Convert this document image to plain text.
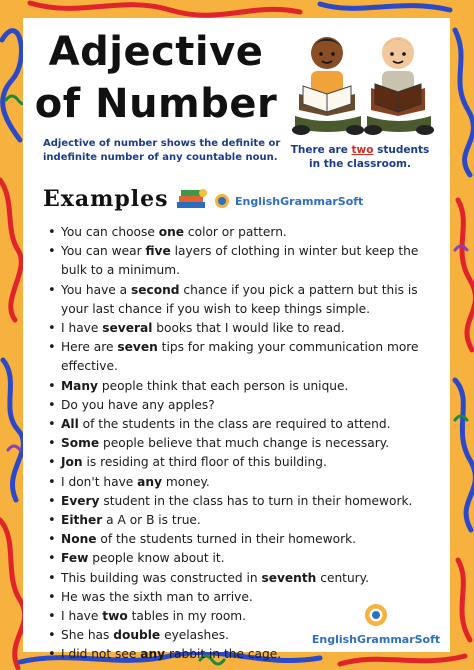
Adjective
of Number
Adjective of number shows the definite or indefinite number of any countable noun.
There are two students in the classroom.
Examples	EnglishGrammarSoft
• You can choose one color or pattern.
• You can wear five layers of clothing in winter but keep the bulk to a minimum.
• You have a second chance if you pick a pattern but this is your last chance if you wish to keep things simple.
• I have several books that I would like to read.
• Here are seven tips for making your communication more effective.
• Many people think that each person is unique.
• Do you have any apples?
• All of the students in the class are required to attend.
• Some people believe that much change is necessary.
• Jon is residing at third floor of this building.
• I don't have any money.
• Every student in the class has to turn in their homework.
• Either a A or B is true.
• None of the students turned in their homework.
• Few people know about it.
• This building was constructed in seventh century.
• He was the sixth man to arrive.
• I have two tables in my room.
• She has double eyelashes.
• I did not see any rabbit in the cage.
EnglishGrammarSoft
